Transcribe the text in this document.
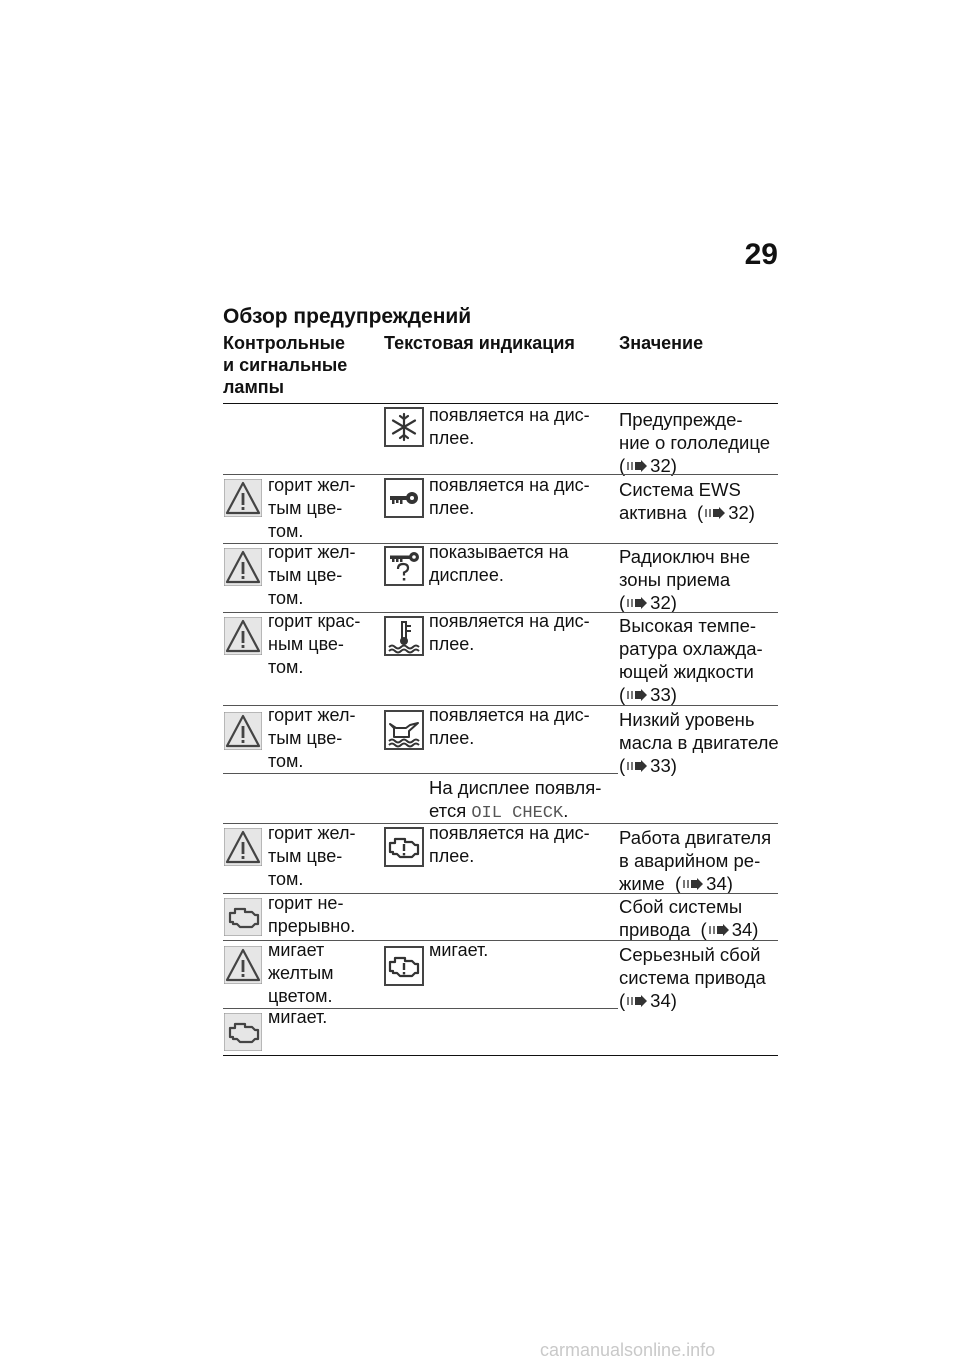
29
Обзор предупреждений
Контрольные
и сигнальные
лампы
Текстовая индикация Значение
появляется на дис-
плее.
Предупрежде-
ние о гололедице
( 32)
горит жел-
тым цве-
том.
появляется на дис-
плее.
Система EWS
активна  ( 32)
горит жел-
тым цве-
том.
показывается на
дисплее.
Радиоключ вне
зоны приема
( 32)
горит крас-
ным цве-
том.
появляется на дис-
плее.
Высокая темпе-
ратура охлажда-
ющей жидкости
( 33)
горит жел-
тым цве-
том.
появляется на дис-
плее.
Низкий уровень
масла в двигателе
( 33)
На дисплее появля-
ется OIL CHECK.
горит жел-
тым цве-
том.
появляется на дис-
плее.
Работа двигателя
в аварийном ре-
жиме  ( 34)
горит не-
прерывно.
Сбой системы
привода  ( 34)
мигает
желтым
цветом.
мигает.	Серьезный сбой
система привода
( 34)
мигает.
carmanualsonline.info
